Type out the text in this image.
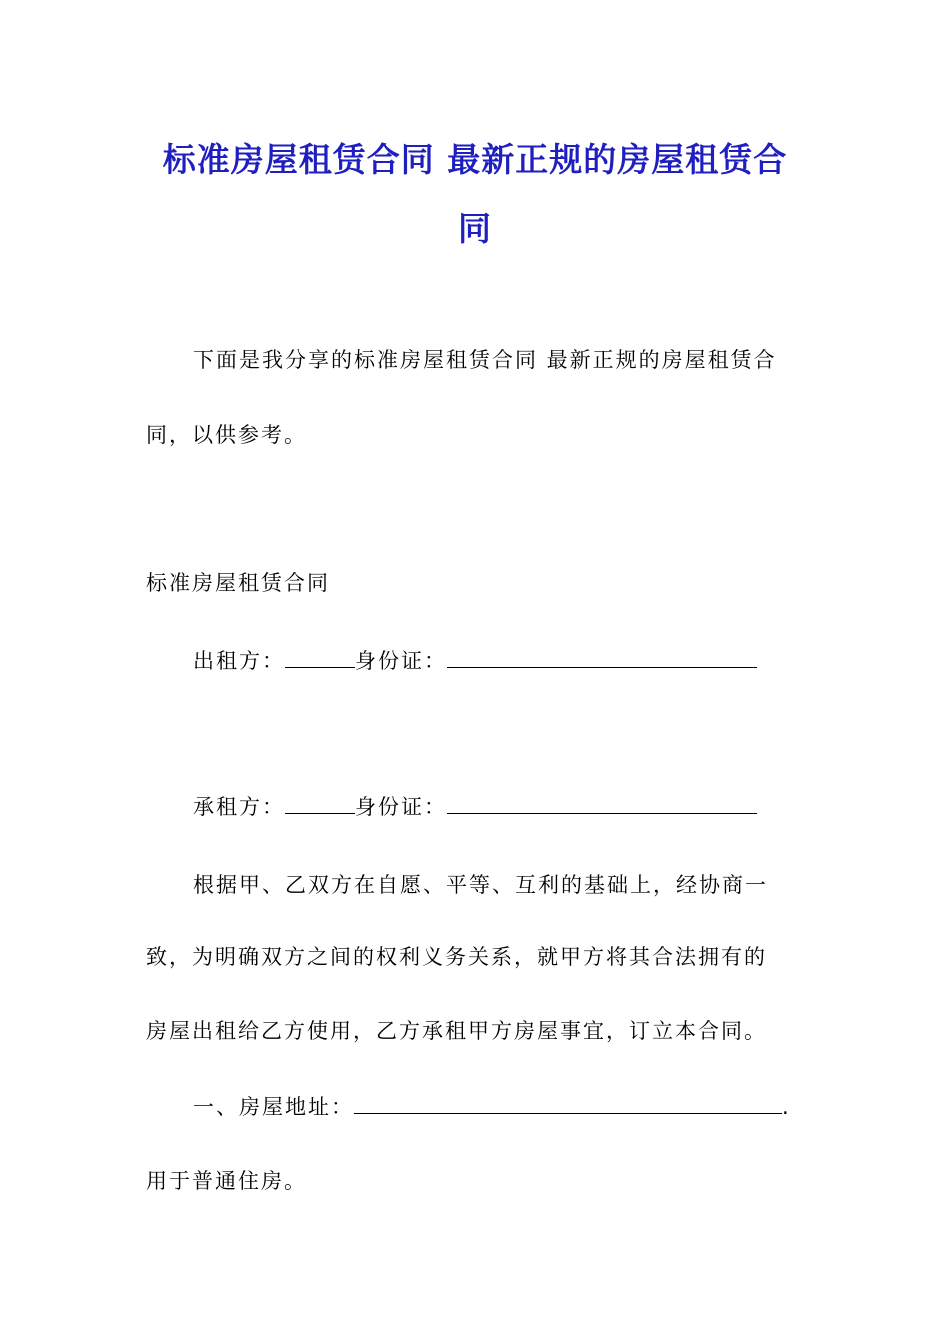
标准房屋租赁合同 最新正规的房屋租赁合
同
下面是我分享的标准房屋租赁合同 最新正规的房屋租赁合
同，以供参考。
标准房屋租赁合同
出租方：	身份证：
承租方：	身份证：
根据甲、乙双方在自愿、平等、互利的基础上，经协商一
致，为明确双方之间的权利义务关系，就甲方将其合法拥有的
房屋出租给乙方使用，乙方承租甲方房屋事宜，订立本合同。
一、房屋地址：	.
用于普通住房。
